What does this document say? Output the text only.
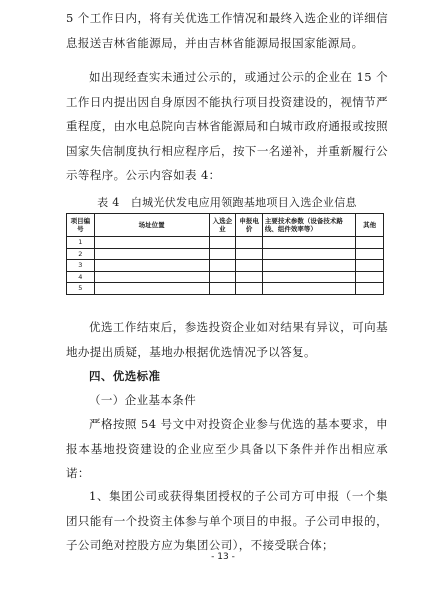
5 个工作日内，将有关优选工作情况和最终入选企业的详细信息报送吉林省能源局，并由吉林省能源局报国家能源局。

如出现经查实未通过公示的，或通过公示的企业在 15 个工作日内提出因自身原因不能执行项目投资建设的，视情节严重程度，由水电总院向吉林省能源局和白城市政府通报或按照国家失信制度执行相应程序后，按下一名递补，并重新履行公示等程序。公示内容如表 4：

表 4　白城光伏发电应用领跑基地项目入选企业信息
项目编号	场址位置	入选企业	申报电价	主要技术参数（设备技术路线、组件效率等）	其他
1					
2					
3					
4					
5					

优选工作结束后，参选投资企业如对结果有异议，可向基地办提出质疑，基地办根据优选情况予以答复。

四、优选标准

（一）企业基本条件

严格按照 54 号文中对投资企业参与优选的基本要求，申报本基地投资建设的企业应至少具备以下条件并作出相应承诺：

1、集团公司或获得集团授权的子公司方可申报（一个集团只能有一个投资主体参与单个项目的申报。子公司申报的，子公司绝对控股方应为集团公司），不接受联合体；

- 13 -
